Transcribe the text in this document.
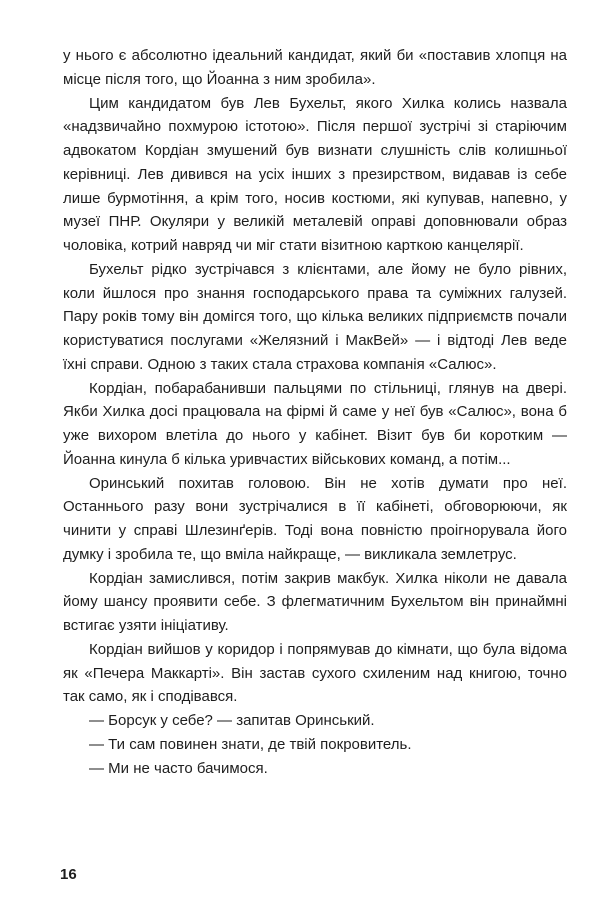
у нього є абсолютно ідеальний кандидат, який би «поставив хлопця на місце після того, що Йоанна з ним зробила».

Цим кандидатом був Лев Бухельт, якого Хилка колись назвала «надзвичайно похмурою істотою». Після першої зустрічі зі старіючим адвокатом Кордіан змушений був визнати слушність слів колишньої керівниці. Лев дивився на усіх інших з презирством, видавав із себе лише бурмотіння, а крім того, носив костюми, які купував, напевно, у музеї ПНР. Окуляри у великій металевій оправі доповнювали образ чоловіка, котрий навряд чи міг стати візитною карткою канцелярії.

Бухельт рідко зустрічався з клієнтами, але йому не було рівних, коли йшлося про знання господарського права та суміжних галузей. Пару років тому він домігся того, що кілька великих підприємств почали користуватися послугами «Желязний і МакВей» — і відтоді Лев веде їхні справи. Одною з таких стала страхова компанія «Салюс».

Кордіан, побарабанивши пальцями по стільниці, глянув на двері. Якби Хилка досі працювала на фірмі й саме у неї був «Салюс», вона б уже вихором влетіла до нього у кабінет. Візит був би коротким — Йоанна кинула б кілька уривчастих військових команд, а потім...

Оринський похитав головою. Він не хотів думати про неї. Останнього разу вони зустрічалися в її кабінеті, обговорюючи, як чинити у справі Шлезинґерів. Тоді вона повністю проігнорувала його думку і зробила те, що вміла найкраще, — викликала землетрус.

Кордіан замислився, потім закрив макбук. Хилка ніколи не давала йому шансу проявити себе. З флегматичним Бухельтом він принаймні встигає узяти ініціативу.

Кордіан вийшов у коридор і попрямував до кімнати, що була відома як «Печера Маккарті». Він застав сухого схиленим над книгою, точно так само, як і сподівався.

— Борсук у себе? — запитав Оринський.

— Ти сам повинен знати, де твій покровитель.

— Ми не часто бачимося.

16
